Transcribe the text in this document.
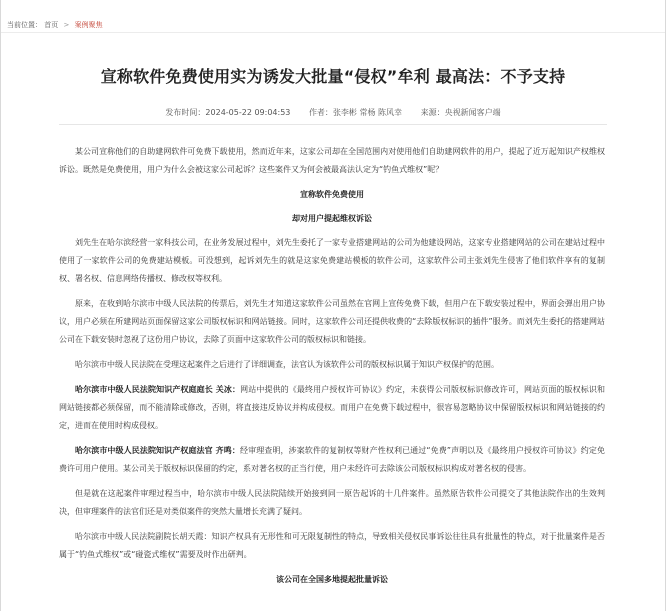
当前位置： 首页 > 案例聚焦
宣称软件免费使用实为诱发大批量“侵权”牟利 最高法：不予支持
发布时间：2024-05-22 09:04:53 作者：张李彬 常杨 陈风幸 来源：央视新闻客户端

某公司宣称他们的自助建网软件可免费下载使用，然而近年来，这家公司却在全国范围内对使用他们自助建网软件的用户，提起了近万起知识产权维权诉讼。既然是免费使用，用户为什么会被这家公司起诉？这些案件又为何会被最高法认定为“钓鱼式维权”呢？

宣称软件免费使用
却对用户提起维权诉讼

刘先生在哈尔滨经营一家科技公司，在业务发展过程中，刘先生委托了一家专业搭建网站的公司为他建设网站，这家专业搭建网站的公司在建站过程中使用了一家软件公司的免费建站模板。可没想到，起诉刘先生的就是这家免费建站模板的软件公司，这家软件公司主张刘先生侵害了他们软件享有的复制权、署名权、信息网络传播权、修改权等权利。

原来，在收到哈尔滨市中级人民法院的传票后，刘先生才知道这家软件公司虽然在官网上宣传免费下载，但用户在下载安装过程中，界面会弹出用户协议，用户必须在所建网站页面保留这家公司版权标识和网站链接。同时，这家软件公司还提供收费的“去除版权标识的插件”服务。而刘先生委托的搭建网站公司在下载安装时忽视了这份用户协议，去除了页面中这家软件公司的版权标识和链接。

哈尔滨市中级人民法院在受理这起案件之后进行了详细调查，法官认为该软件公司的版权标识属于知识产权保护的范围。

哈尔滨市中级人民法院知识产权庭庭长 关冰：网站中提供的《最终用户授权许可协议》约定，未获得公司版权标识修改许可，网站页面的版权标识和网站链接都必须保留，而不能清除或修改，否则，将直接违反协议并构成侵权。而用户在免费下载过程中，很容易忽略协议中保留版权标识和网站链接的约定，进而在使用时构成侵权。

哈尔滨市中级人民法院知识产权庭法官 齐鸣：经审理查明，涉案软件的复制权等财产性权利已通过“免费”声明以及《最终用户授权许可协议》约定免费许可用户使用。某公司关于版权标识保留的约定，系对著名权的正当行使，用户未经许可去除该公司版权标识构成对著名权的侵害。

但是就在这起案件审理过程当中，哈尔滨市中级人民法院陆续开始接到同一原告起诉的十几件案件。虽然原告软件公司提交了其他法院作出的生效判决，但审理案件的法官们还是对类似案件的突然大量增长充满了疑问。

哈尔滨市中级人民法院副院长胡天霞：知识产权具有无形性和可无限复制性的特点，导致相关侵权民事诉讼往往具有批量性的特点，对于批量案件是否属于“钓鱼式维权”或“碰瓷式维权”需要及时作出研判。

该公司在全国多地提起批量诉讼
